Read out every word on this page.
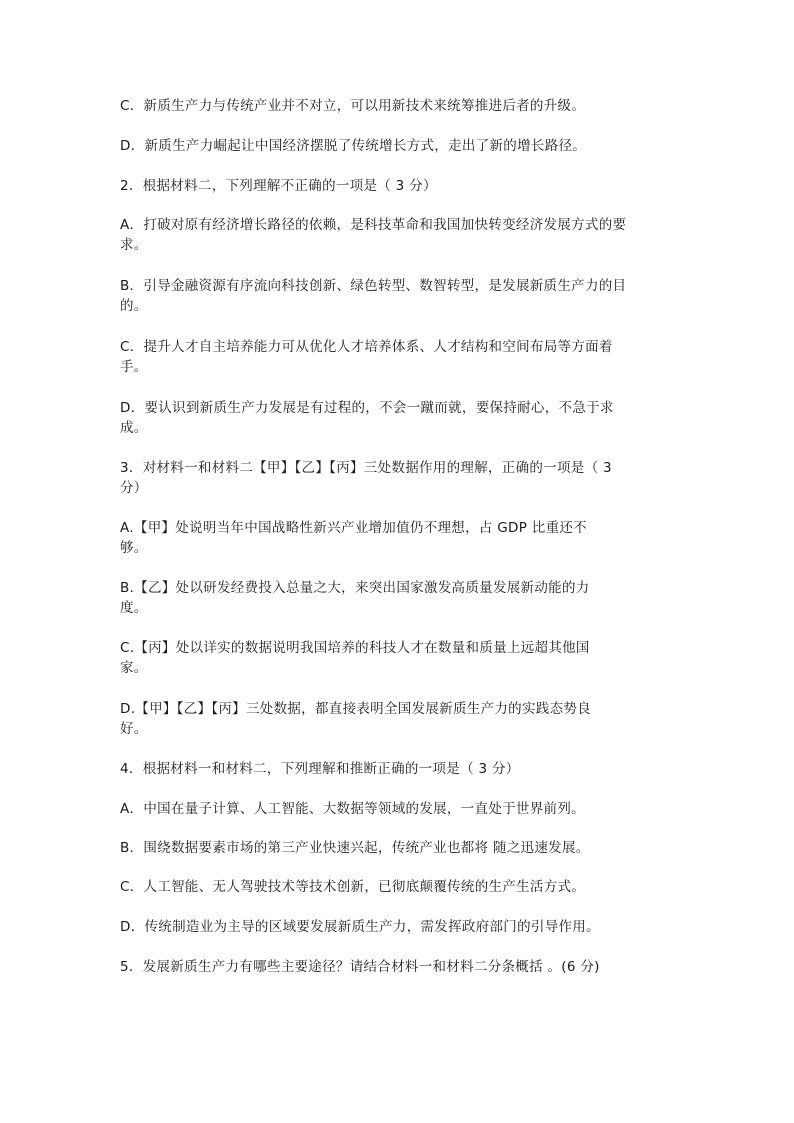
C．新质生产力与传统产业并不对立，可以用新技术来统筹推进后者的升级。
D．新质生产力崛起让中国经济摆脱了传统增长方式，走出了新的增长路径。
2．根据材料二，下列理解不正确的一项是（ 3 分）
A．打破对原有经济增长路径的依赖，是科技革命和我国加快转变经济发展方式的要
求。
B．引导金融资源有序流向科技创新、绿色转型、数智转型，是发展新质生产力的目
的。
C．提升人才自主培养能力可从优化人才培养体系、人才结构和空间布局等方面着
手。
D．要认识到新质生产力发展是有过程的，不会一蹴而就，要保持耐心，不急于求
成。
3．对材料一和材料二【甲】【乙】【丙】三处数据作用的理解，正确的一项是（ 3
分）
A.【甲】处说明当年中国战略性新兴产业增加值仍不理想，占 GDP 比重还不
够。
B.【乙】处以研发经费投入总量之大，来突出国家激发高质量发展新动能的力
度。
C.【丙】处以详实的数据说明我国培养的科技人才在数量和质量上远超其他国
家。
D.【甲】【乙】【丙】三处数据，都直接表明全国发展新质生产力的实践态势良
好。
4．根据材料一和材料二，下列理解和推断正确的一项是（ 3 分）
A．中国在量子计算、人工智能、大数据等领域的发展，一直处于世界前列。
B．围绕数据要素市场的第三产业快速兴起，传统产业也都将 随之迅速发展。
C．人工智能、无人驾驶技术等技术创新，已彻底颠覆传统的生产生活方式。
D．传统制造业为主导的区域要发展新质生产力，需发挥政府部门的引导作用。
5．发展新质生产力有哪些主要途径？请结合材料一和材料二分条概括 。(6 分)
